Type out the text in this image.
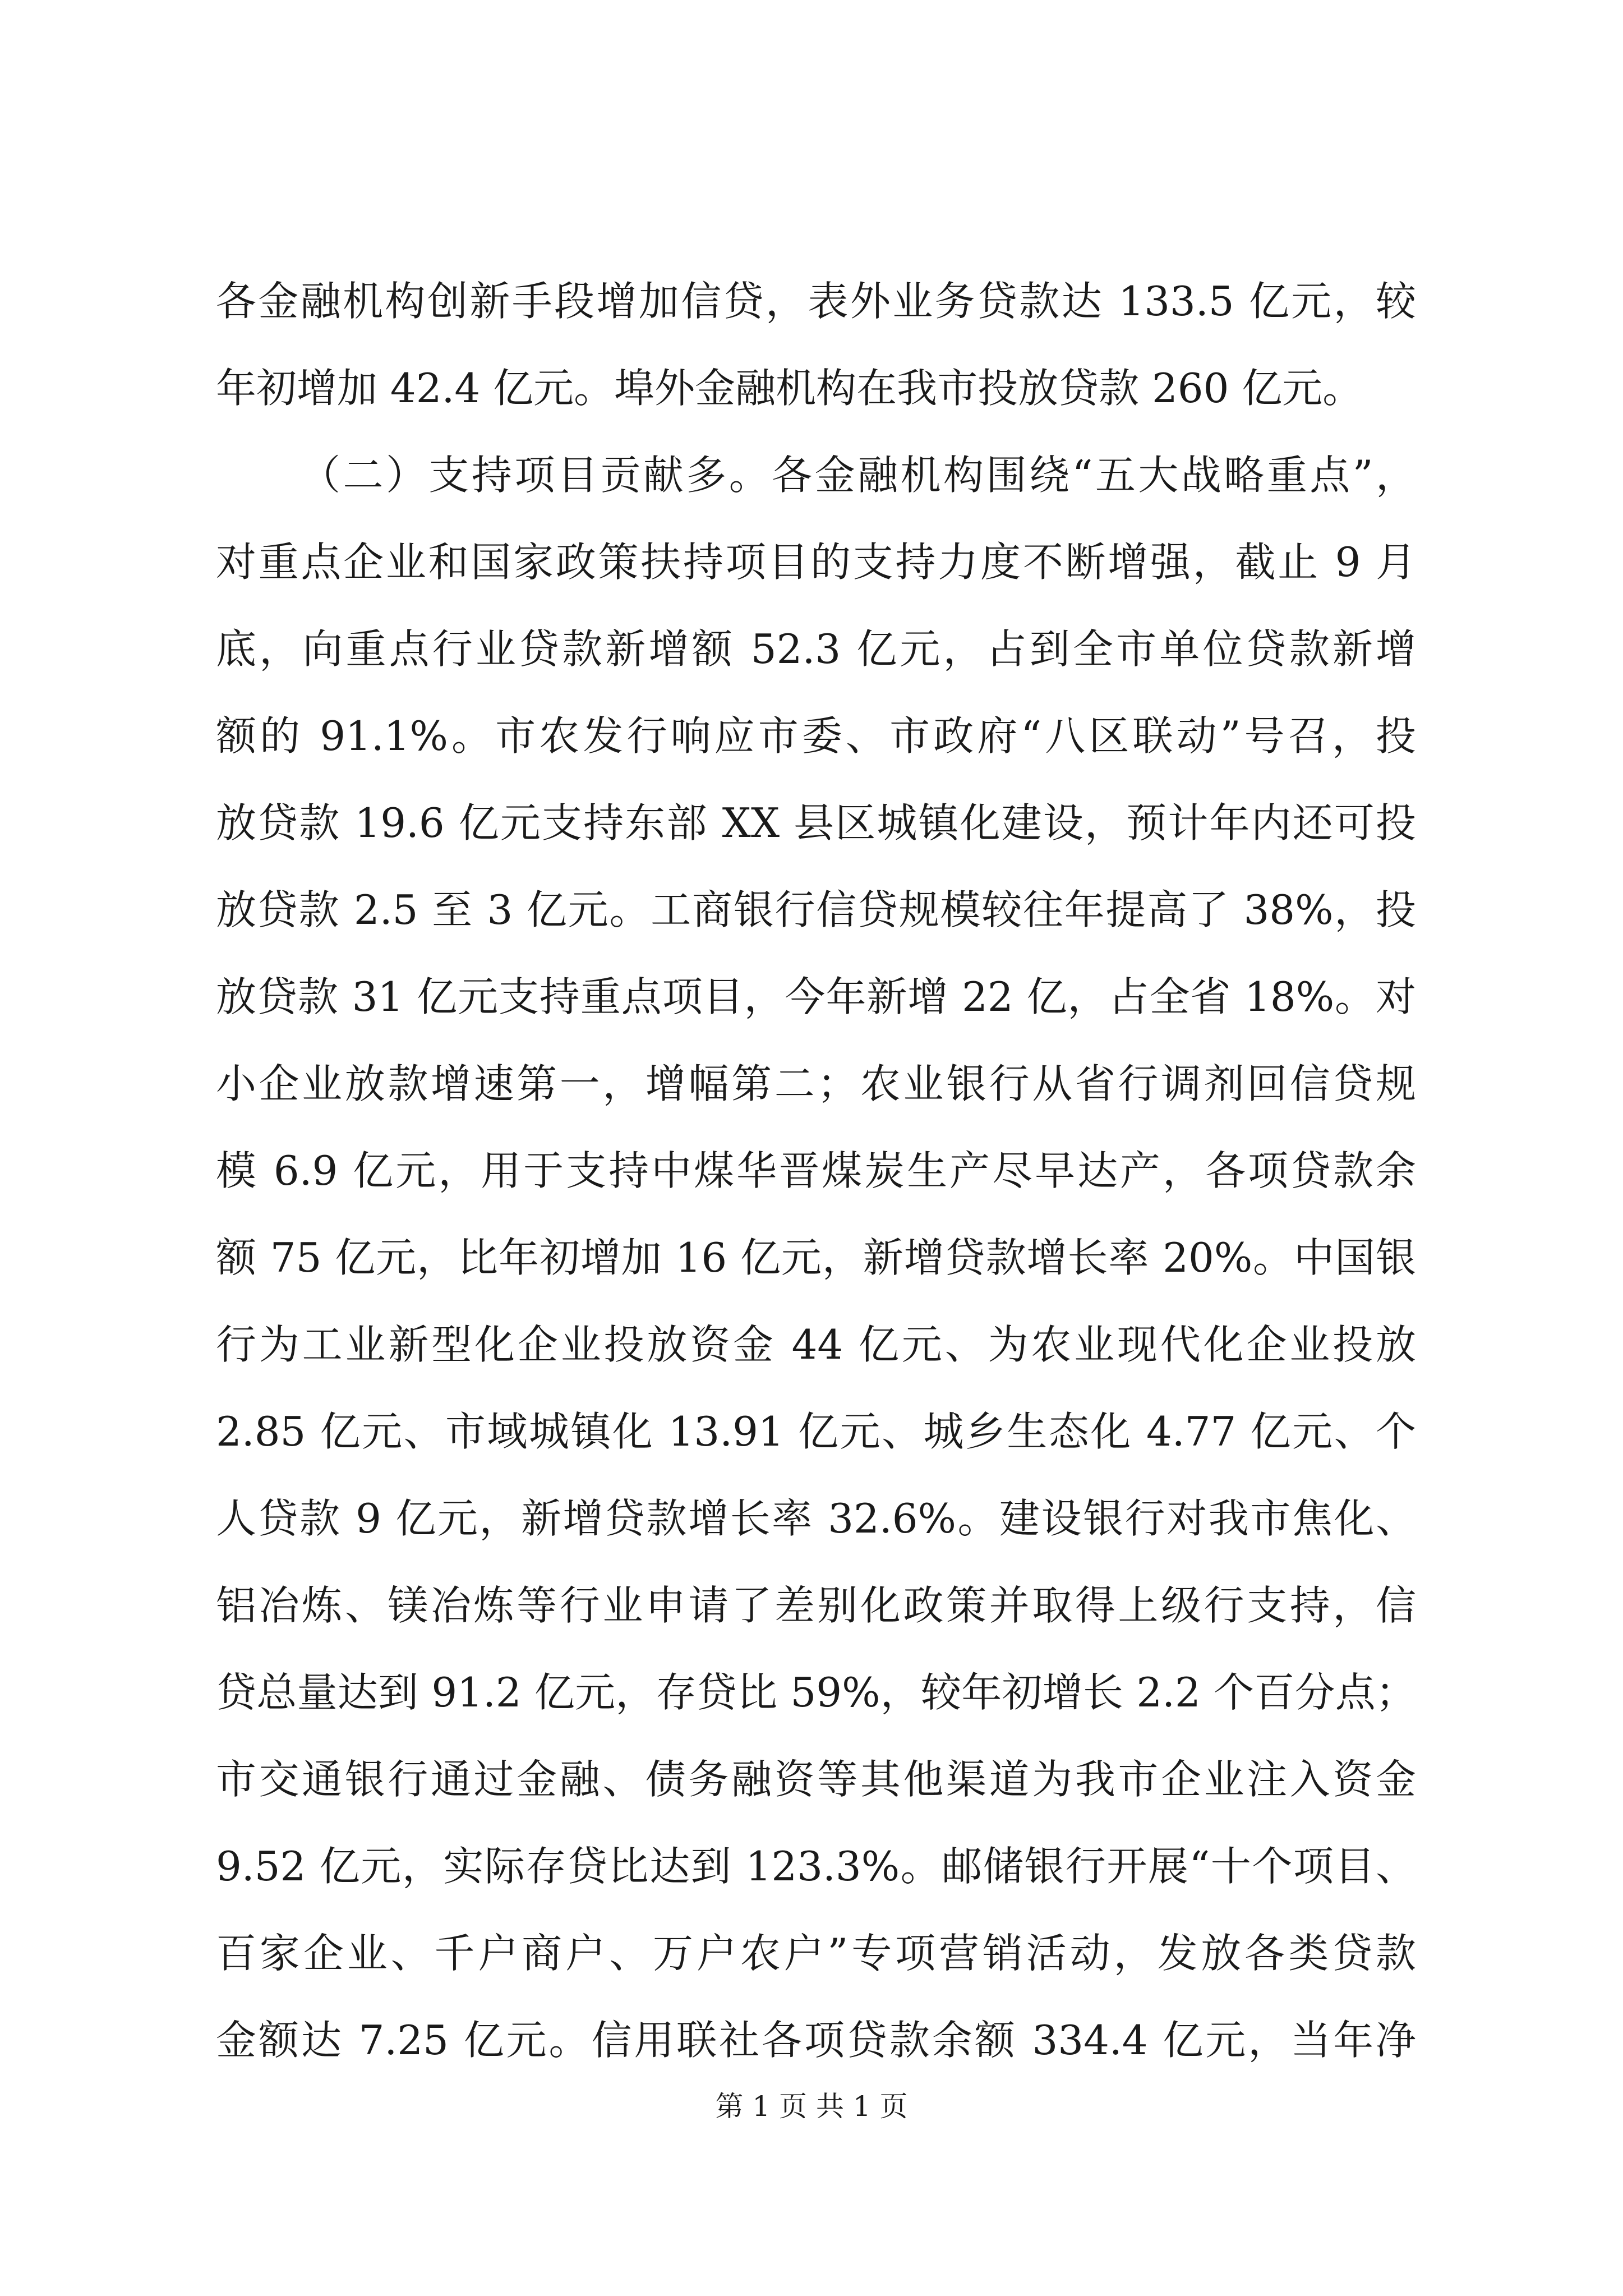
各金融机构创新手段增加信贷，表外业务贷款达 133.5 亿元，较
年初增加 42.4 亿元。埠外金融机构在我市投放贷款 260 亿元。
（二）支持项目贡献多。各金融机构围绕“五大战略重点”，
对重点企业和国家政策扶持项目的支持力度不断增强，截止 9 月
底，向重点行业贷款新增额 52.3 亿元，占到全市单位贷款新增
额的 91.1%。市农发行响应市委、市政府“八区联动”号召，投
放贷款 19.6 亿元支持东部 XX 县区城镇化建设，预计年内还可投
放贷款 2.5 至 3 亿元。工商银行信贷规模较往年提高了 38%，投
放贷款 31 亿元支持重点项目，今年新增 22 亿，占全省 18%。对
小企业放款增速第一，增幅第二；农业银行从省行调剂回信贷规
模 6.9 亿元，用于支持中煤华晋煤炭生产尽早达产，各项贷款余
额 75 亿元，比年初增加 16 亿元，新增贷款增长率 20%。中国银
行为工业新型化企业投放资金 44 亿元、为农业现代化企业投放
2.85 亿元、市域城镇化 13.91 亿元、城乡生态化 4.77 亿元、个
人贷款 9 亿元，新增贷款增长率 32.6%。建设银行对我市焦化、
铝冶炼、镁冶炼等行业申请了差别化政策并取得上级行支持，信
贷总量达到 91.2 亿元，存贷比 59%，较年初增长 2.2 个百分点；
市交通银行通过金融、债务融资等其他渠道为我市企业注入资金
9.52 亿元，实际存贷比达到 123.3%。邮储银行开展“十个项目、
百家企业、千户商户、万户农户”专项营销活动，发放各类贷款
金额达 7.25 亿元。信用联社各项贷款余额 334.4 亿元，当年净
第 1 页 共 1 页
